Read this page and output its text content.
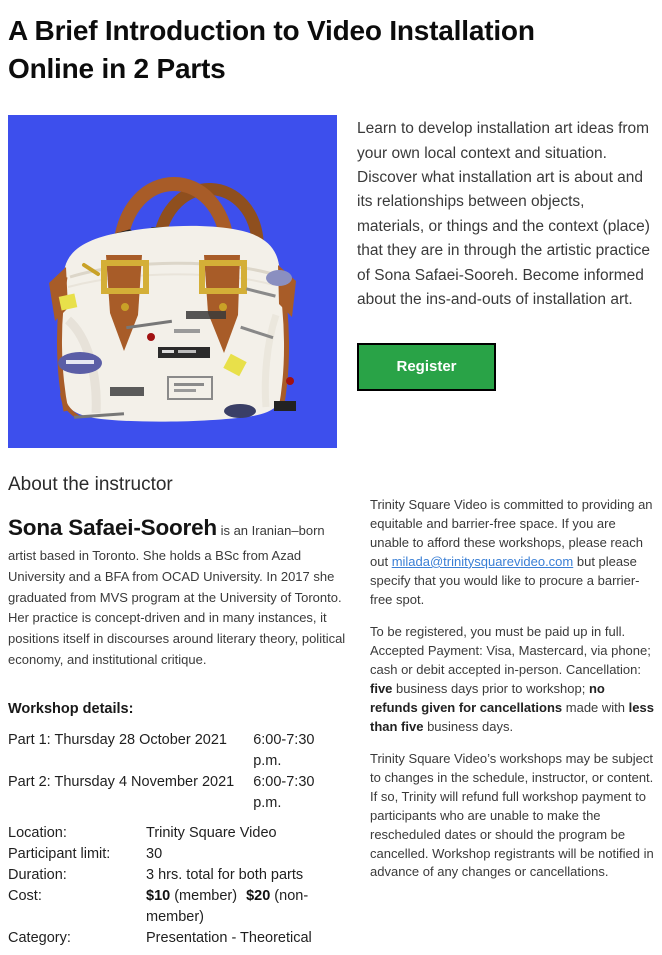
A Brief Introduction to Video Installation
Online in 2 Parts

Learn to develop installation art ideas from your own local context and situation. Discover what installation art is about and its relationships between objects, materials, or things and the context (place) that they are in through the artistic practice of Sona Safaei-Sooreh. Become informed about the ins-and-outs of installation art.

Register
About the instructor

Sona Safaei-Sooreh is an Iranian–born artist based in Toronto. She holds a BSc from Azad University and a BFA from OCAD University. In 2017 she graduated from MVS program at the University of Toronto. Her practice is concept-driven and in many instances, it positions itself in discourses around literary theory, political economy, and institutional critique.

Workshop details:

Part 1: Thursday 28 October 2021	6:00-7:30 p.m.
Part 2: Thursday 4 November 2021	6:00-7:30 p.m.
Location:	Trinity Square Video
Participant limit:	30
Duration:	3 hrs. total for both parts
Cost:	$10 (member) $20 (non-member)
Category:	Presentation - Theoretical

Trinity Square Video is committed to providing an equitable and barrier-free space. If you are unable to afford these workshops, please reach out milada@trinitysquarevideo.com but please specify that you would like to procure a barrier-free spot.

To be registered, you must be paid up in full. Accepted Payment: Visa, Mastercard, via phone; cash or debit accepted in-person. Cancellation: five business days prior to workshop; no refunds given for cancellations made with less than five business days.

Trinity Square Video’s workshops may be subject to changes in the schedule, instructor, or content. If so, Trinity will refund full workshop payment to participants who are unable to make the rescheduled dates or should the program be cancelled. Workshop registrants will be notified in advance of any changes or cancellations.
